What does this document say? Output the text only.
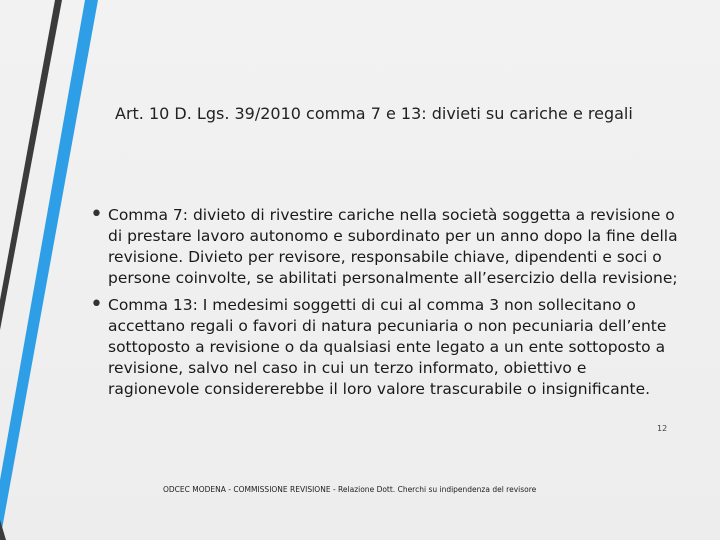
Art. 10 D. Lgs. 39/2010 comma 7 e 13: divieti su cariche e regali
• Comma 7: divieto di rivestire cariche nella società soggetta a revisione o di prestare lavoro autonomo e subordinato per un anno dopo la fine della revisione. Divieto per revisore, responsabile chiave, dipendenti e soci o persone coinvolte, se abilitati personalmente all’esercizio della revisione;
• Comma 13: I medesimi soggetti di cui al comma 3 non sollecitano o accettano regali o favori di natura pecuniaria o non pecuniaria dell’ente sottoposto a revisione o da qualsiasi ente legato a un ente sottoposto a revisione, salvo nel caso in cui un terzo informato, obiettivo e ragionevole considererebbe il loro valore trascurabile o insignificante.
12
ODCEC MODENA - COMMISSIONE REVISIONE - Relazione Dott. Cherchi su indipendenza del revisore
